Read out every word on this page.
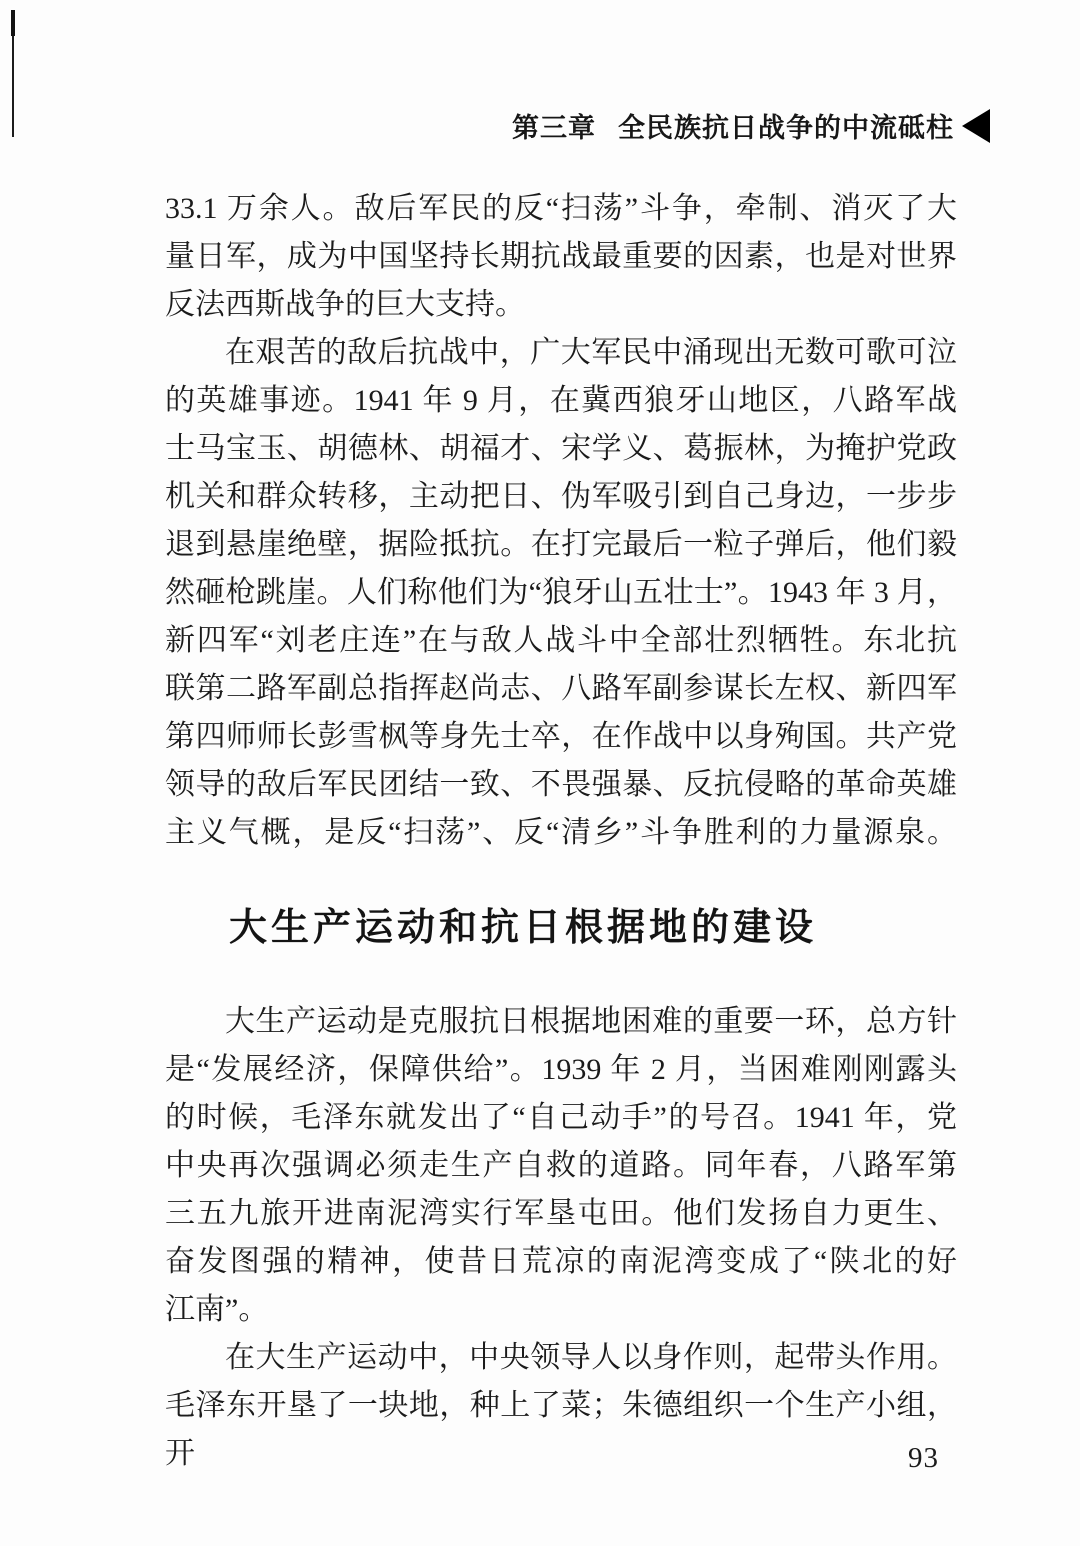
第三章 全民族抗日战争的中流砥柱
33.1 万余人。敌后军民的反“扫荡”斗争，牵制、消灭了大
量日军，成为中国坚持长期抗战最重要的因素，也是对世界
反法西斯战争的巨大支持。
在艰苦的敌后抗战中，广大军民中涌现出无数可歌可泣
的英雄事迹。1941 年 9 月，在冀西狼牙山地区，八路军战
士马宝玉、胡德林、胡福才、宋学义、葛振林，为掩护党政
机关和群众转移，主动把日、伪军吸引到自己身边，一步步
退到悬崖绝壁，据险抵抗。在打完最后一粒子弹后，他们毅
然砸枪跳崖。人们称他们为“狼牙山五壮士”。1943 年 3 月，
新四军“刘老庄连”在与敌人战斗中全部壮烈牺牲。东北抗
联第二路军副总指挥赵尚志、八路军副参谋长左权、新四军
第四师师长彭雪枫等身先士卒，在作战中以身殉国。共产党
领导的敌后军民团结一致、不畏强暴、反抗侵略的革命英雄
主义气概，是反“扫荡”、反“清乡”斗争胜利的力量源泉。
大生产运动和抗日根据地的建设
大生产运动是克服抗日根据地困难的重要一环，总方针
是“发展经济，保障供给”。1939 年 2 月，当困难刚刚露头
的时候，毛泽东就发出了“自己动手”的号召。1941 年，党
中央再次强调必须走生产自救的道路。同年春，八路军第
三五九旅开进南泥湾实行军垦屯田。他们发扬自力更生、
奋发图强的精神，使昔日荒凉的南泥湾变成了“陕北的好
江南”。
在大生产运动中，中央领导人以身作则，起带头作用。
毛泽东开垦了一块地，种上了菜；朱德组织一个生产小组，开	93
